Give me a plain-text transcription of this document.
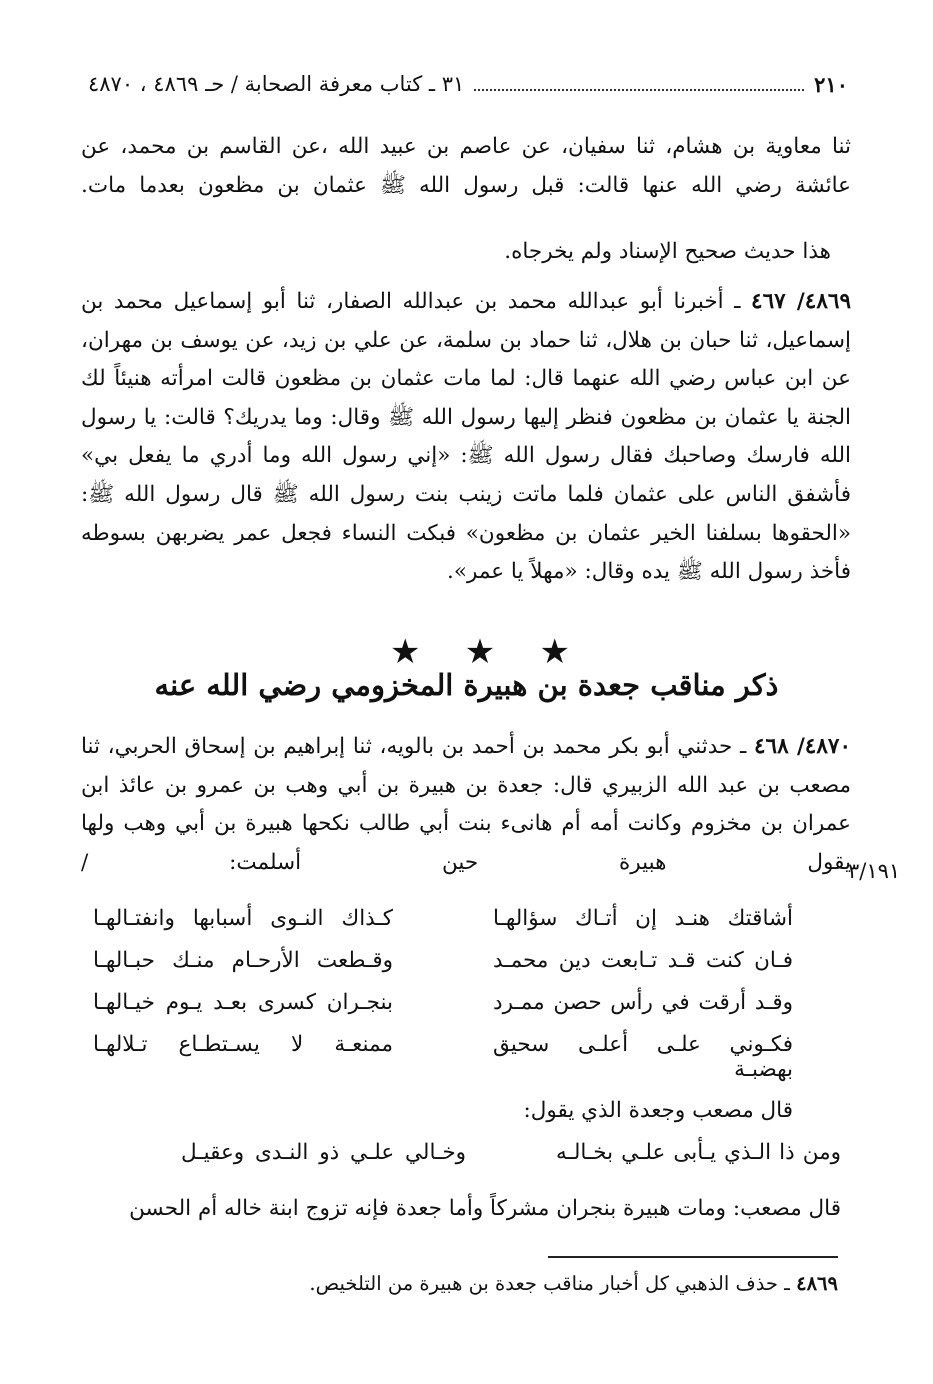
٢١٠
٣١ ـ كتاب معرفة الصحابة / حـ ٤٨٦٩ ، ٤٨٧٠

ثنا معاوية بن هشام، ثنا سفيان، عن عاصم بن عبيد الله ،عن القاسم بن محمد، عن عائشة رضي الله عنها قالت: قبل رسول الله ﷺ عثمان بن مظعون بعدما مات.

هذا حديث صحيح الإسناد ولم يخرجاه.

٤٨٦٩/ ٤٦٧ ـ أخبرنا أبو عبدالله محمد بن عبدالله الصفار، ثنا أبو إسماعيل محمد بن إسماعيل، ثنا حبان بن هلال، ثنا حماد بن سلمة، عن علي بن زيد، عن يوسف بن مهران، عن ابن عباس رضي الله عنهما قال: لما مات عثمان بن مظعون قالت امرأته هنيئاً لك الجنة يا عثمان بن مظعون فنظر إليها رسول الله ﷺ وقال: وما يدريك؟ قالت: يا رسول الله فارسك وصاحبك فقال رسول الله ﷺ: «إني رسول الله وما أدري ما يفعل بي» فأشفق الناس على عثمان فلما ماتت زينب بنت رسول الله ﷺ قال رسول الله ﷺ: «الحقوها بسلفنا الخير عثمان بن مظعون» فبكت النساء فجعل عمر يضربهن بسوطه فأخذ رسول الله ﷺ يده وقال: «مهلاً يا عمر».

★ ★ ★
ذكر مناقب جعدة بن هبيرة المخزومي رضي الله عنه

٤٨٧٠/ ٤٦٨ ـ حدثني أبو بكر محمد بن أحمد بن بالويه، ثنا إبراهيم بن إسحاق الحربي، ثنا مصعب بن عبد الله الزبيري قال: جعدة بن هبيرة بن أبي وهب بن عمرو بن عائذ ابن عمران بن مخزوم وكانت أمه أم هانىء بنت أبي طالب نكحها هبيرة بن أبي وهب ولها يقول هبيرة حين أسلمت: /

٣/١٩١
أشاقتك هنـد إن أتـاك سؤالهـا
كـذاك النـوى أسبابها وانفتـالهـا
فـان كنت قـد تـابعت دين محمـد
وقـطعت الأرحـام منـك حبـالهـا
وقـد أرقت في رأس حصن ممـرد
بنجـران كسرى بعـد يـوم خيـالهـا
فكـوني علـى أعلـى سحيق بهضبـة
ممنعـة لا يسـتطـاع تـلالهـا

قال مصعب وجعدة الذي يقول:

ومن ذا الـذي يـأبى علـي بخـالـه
وخـالي علـي ذو النـدى وعقيـل

قال مصعب: ومات هبيرة بنجران مشركاً وأما جعدة فإنه تزوج ابنة خاله أم الحسن

٤٨٦٩ ـ حذف الذهبي كل أخبار مناقب جعدة بن هبيرة من التلخيص.
